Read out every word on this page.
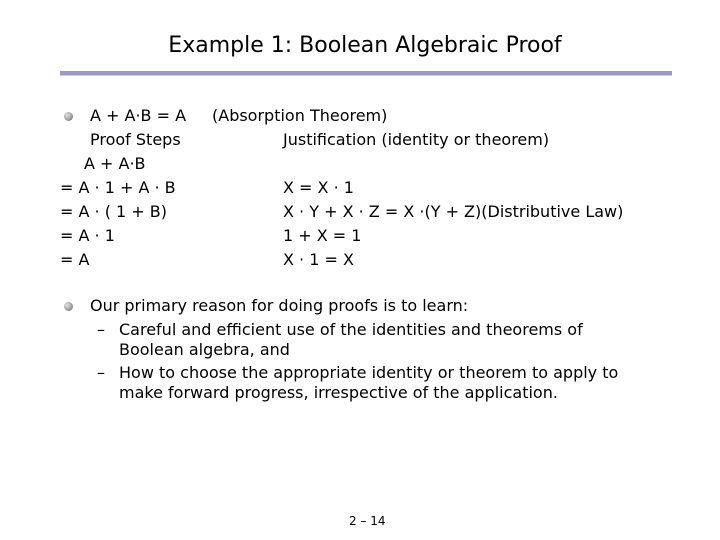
Example 1: Boolean Algebraic Proof
A + A·B = A (Absorption Theorem)
Proof Steps	Justification (identity or theorem)
A + A·B
= A · 1 + A · B
= A · ( 1 + B)
= A · 1
= A
X = X · 1
X · Y + X · Z = X ·(Y + Z)(Distributive Law)
1 + X = 1
X · 1 = X
Our primary reason for doing proofs is to learn:
– Careful and efficient use of the identities and theorems of
Boolean algebra, and
– How to choose the appropriate identity or theorem to apply to
make forward progress, irrespective of the application.
2 – 14
